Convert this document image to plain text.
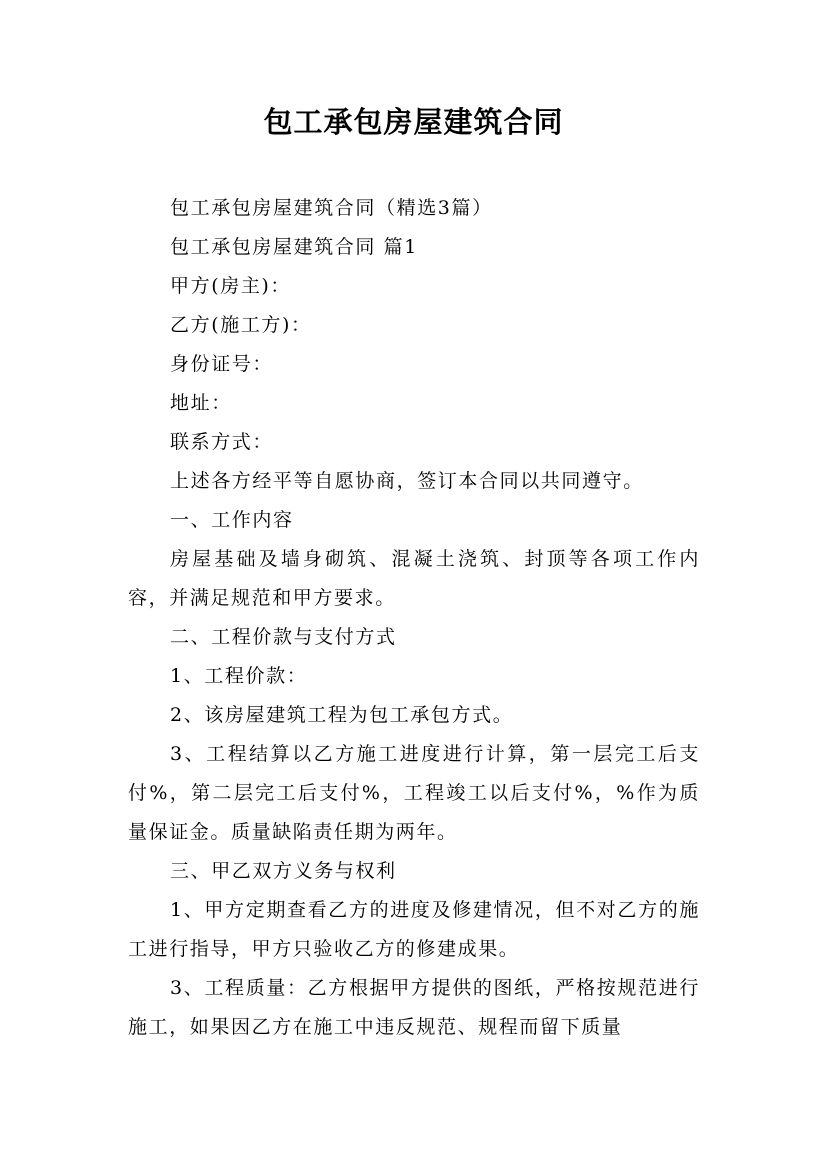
包工承包房屋建筑合同

包工承包房屋建筑合同（精选3篇）

包工承包房屋建筑合同 篇1

甲方(房主)：

乙方(施工方)：

身份证号：

地址：

联系方式：

上述各方经平等自愿协商，签订本合同以共同遵守。

一、工作内容

房屋基础及墙身砌筑、混凝土浇筑、封顶等各项工作内容，并满足规范和甲方要求。

二、工程价款与支付方式

1、工程价款：

2、该房屋建筑工程为包工承包方式。

3、工程结算以乙方施工进度进行计算，第一层完工后支付%，第二层完工后支付%，工程竣工以后支付%，%作为质量保证金。质量缺陷责任期为两年。

三、甲乙双方义务与权利

1、甲方定期查看乙方的进度及修建情况，但不对乙方的施工进行指导，甲方只验收乙方的修建成果。

3、工程质量：乙方根据甲方提供的图纸，严格按规范进行施工，如果因乙方在施工中违反规范、规程而留下质量
